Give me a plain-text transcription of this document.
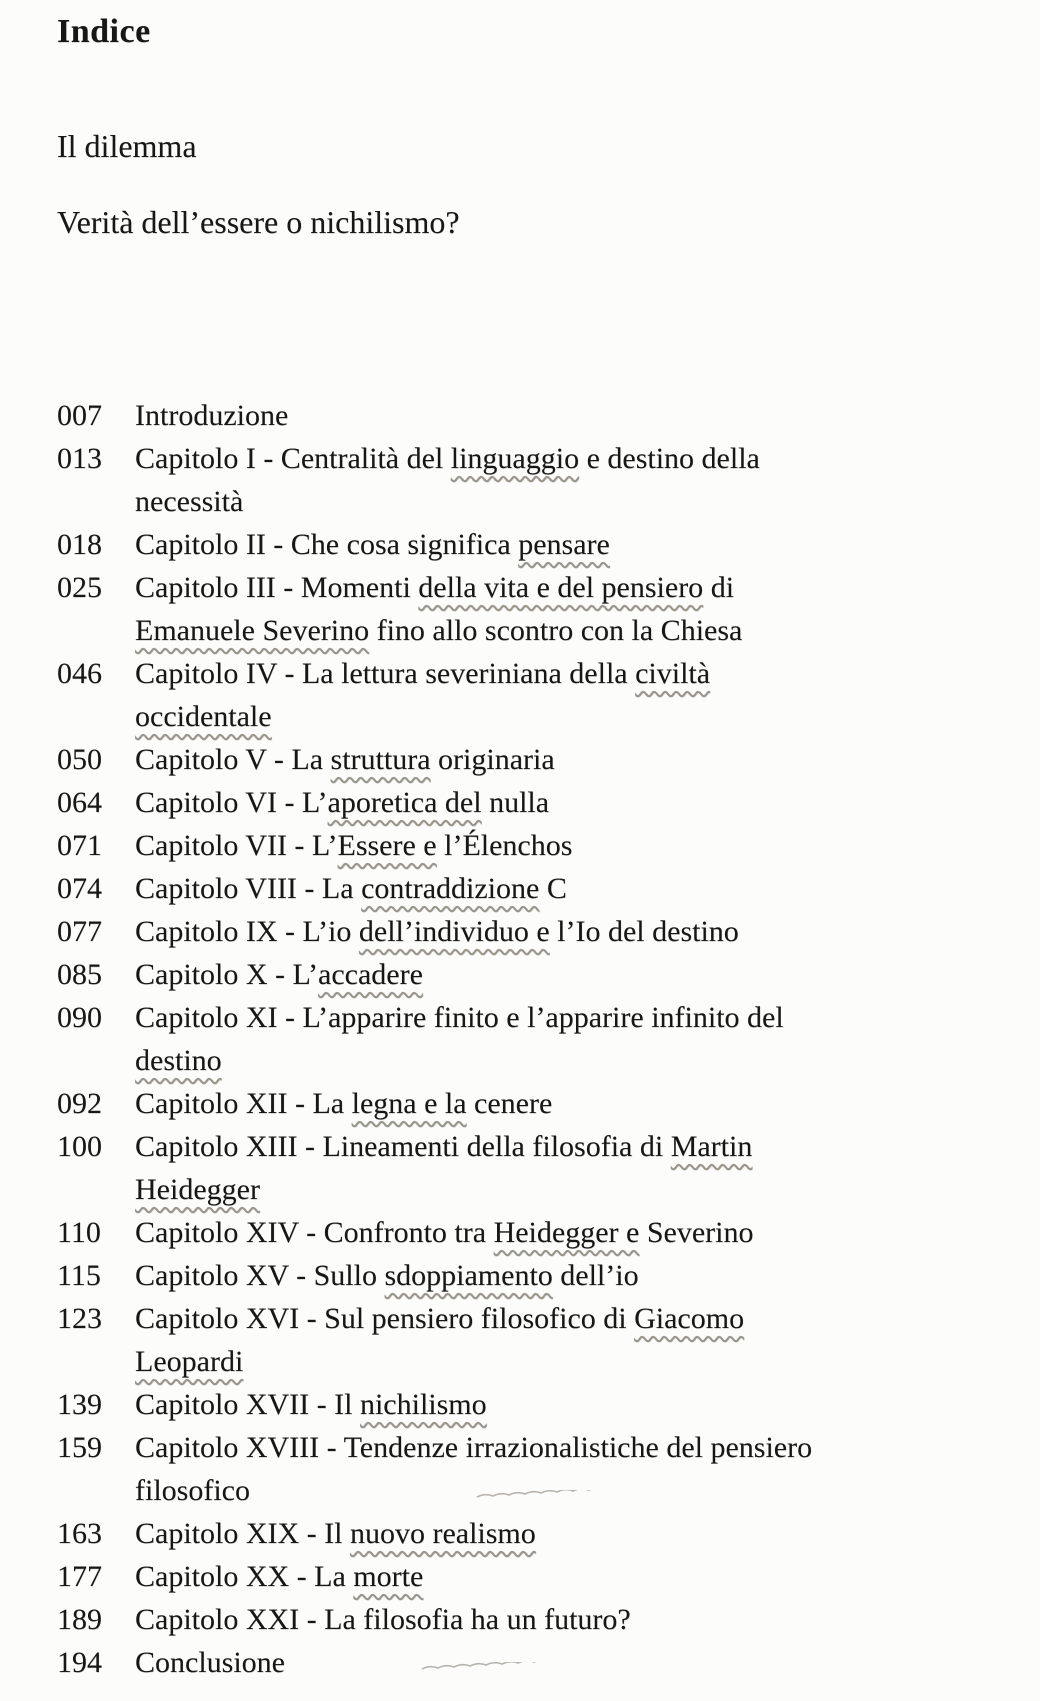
Indice
Il dilemma
Verità dell’essere o nichilismo?
007	Introduzione
013	Capitolo I - Centralità del linguaggio e destino della
necessità
018	Capitolo II - Che cosa significa pensare
025	Capitolo III - Momenti della vita e del pensiero di
Emanuele Severino fino allo scontro con la Chiesa
046	Capitolo IV - La lettura severiniana della civiltà
occidentale
050	Capitolo V - La struttura originaria
064	Capitolo VI - L’aporetica del nulla
071	Capitolo VII - L’Essere e l’Élenchos
074	Capitolo VIII - La contraddizione C
077	Capitolo IX - L’io dell’individuo e l’Io del destino
085	Capitolo X - L’accadere
090	Capitolo XI - L’apparire finito e l’apparire infinito del
destino
092	Capitolo XII - La legna e la cenere
100	Capitolo XIII - Lineamenti della filosofia di Martin
Heidegger
110	Capitolo XIV - Confronto tra Heidegger e Severino
115	Capitolo XV - Sullo sdoppiamento dell’io
123	Capitolo XVI - Sul pensiero filosofico di Giacomo
Leopardi
139	Capitolo XVII - Il nichilismo
159	Capitolo XVIII - Tendenze irrazionalistiche del pensiero
filosofico
163	Capitolo XIX - Il nuovo realismo
177	Capitolo XX - La morte
189	Capitolo XXI - La filosofia ha un futuro?
194	Conclusione
